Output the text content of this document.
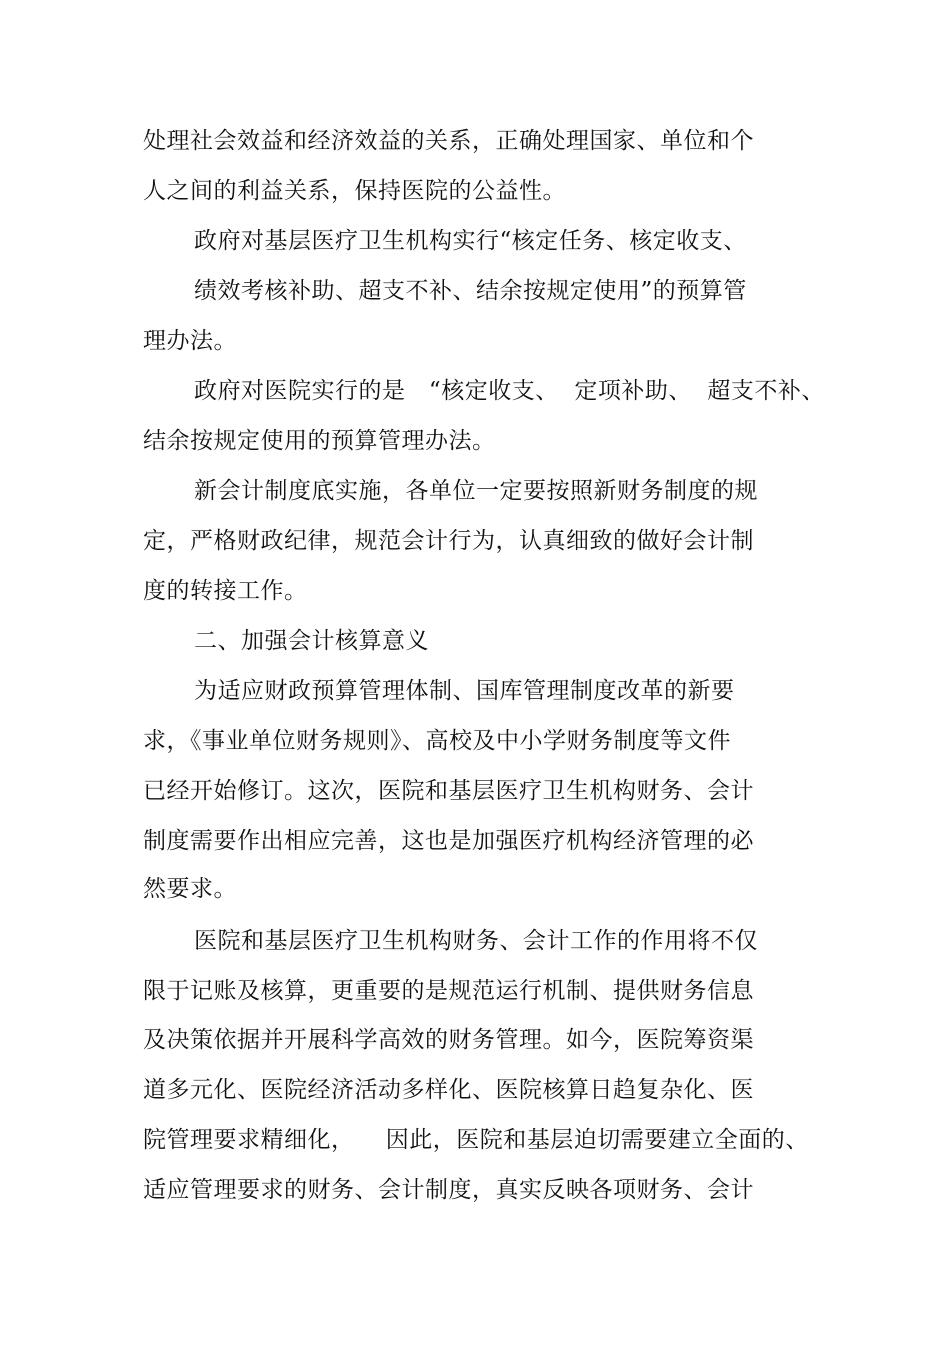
处理社会效益和经济效益的关系，正确处理国家、单位和个
人之间的利益关系，保持医院的公益性。
政府对基层医疗卫生机构实行“核定任务、核定收支、
绩效考核补助、超支不补、结余按规定使用”的预算管
理办法。
政府对医院实行的是   “核定收支、  定项补助、  超支不补、
结余按规定使用的预算管理办法。
新会计制度底实施，各单位一定要按照新财务制度的规
定，严格财政纪律，规范会计行为，认真细致的做好会计制
度的转接工作。
二、加强会计核算意义
为适应财政预算管理体制、国库管理制度改革的新要
求，《事业单位财务规则》、高校及中小学财务制度等文件
已经开始修订。这次，医院和基层医疗卫生机构财务、会计
制度需要作出相应完善，这也是加强医疗机构经济管理的必
然要求。
医院和基层医疗卫生机构财务、会计工作的作用将不仅
限于记账及核算，更重要的是规范运行机制、提供财务信息
及决策依据并开展科学高效的财务管理。如今，医院筹资渠
道多元化、医院经济活动多样化、医院核算日趋复杂化、医
院管理要求精细化，    因此，医院和基层迫切需要建立全面的、
适应管理要求的财务、会计制度，真实反映各项财务、会计
